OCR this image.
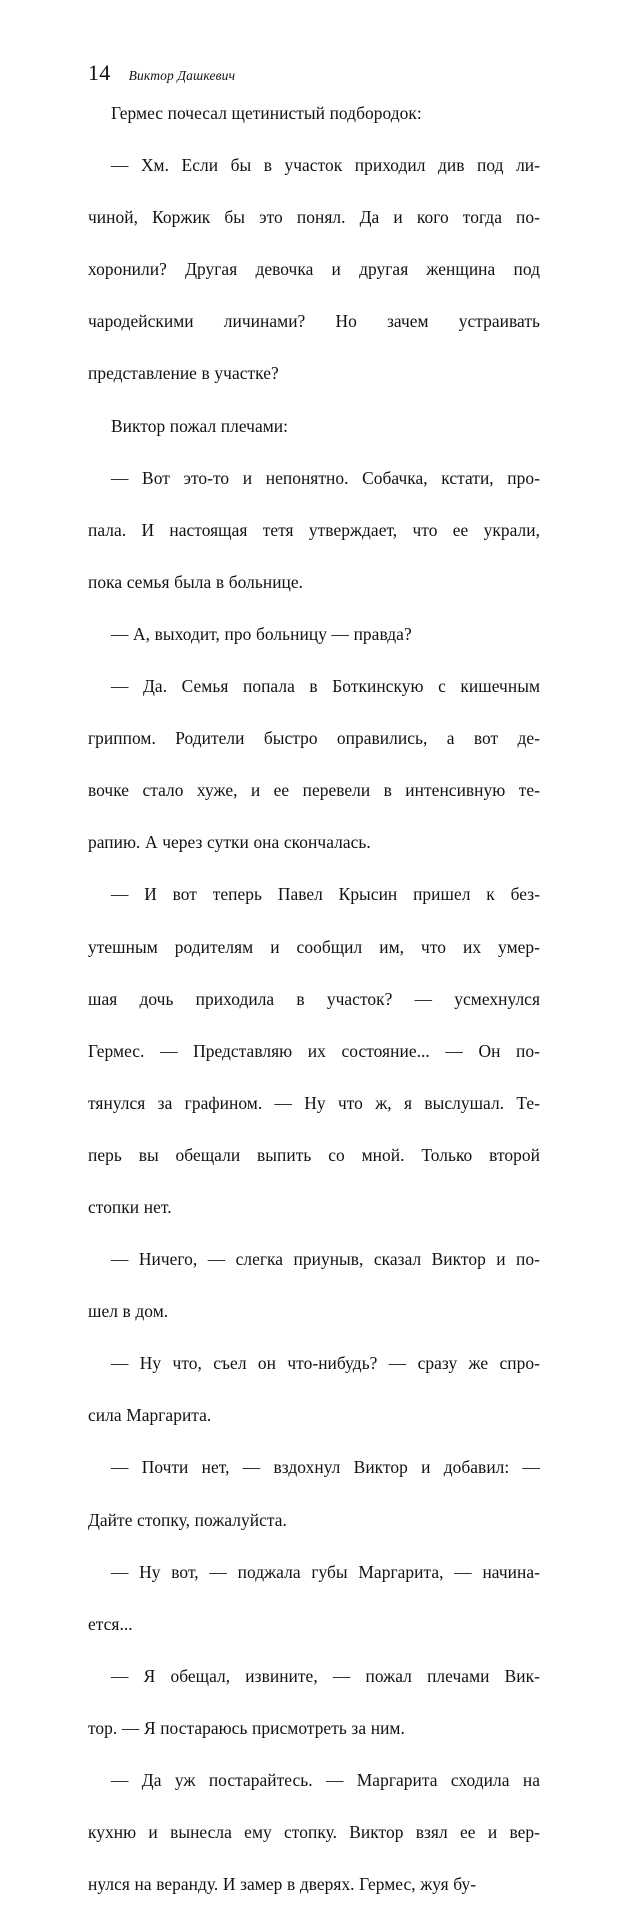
14 Виктор Дашкевич

Гермес почесал щетинистый подбородок:

— Хм. Если бы в участок приходил див под ли-
чиной, Коржик бы это понял. Да и кого тогда по-
хоронили? Другая девочка и другая женщина под
чародейскими личинами? Но зачем устраивать
представление в участке?

Виктор пожал плечами:

— Вот это-то и непонятно. Собачка, кстати, про-
пала. И настоящая тетя утверждает, что ее украли,
пока семья была в больнице.

— А, выходит, про больницу — правда?

— Да. Семья попала в Боткинскую с кишечным
гриппом. Родители быстро оправились, а вот де-
вочке стало хуже, и ее перевели в интенсивную те-
рапию. А через сутки она скончалась.

— И вот теперь Павел Крысин пришел к без-
утешным родителям и сообщил им, что их умер-
шая дочь приходила в участок? — усмехнулся
Гермес. — Представляю их состояние... — Он по-
тянулся за графином. — Ну что ж, я выслушал. Те-
перь вы обещали выпить со мной. Только второй
стопки нет.

— Ничего, — слегка приуныв, сказал Виктор и по-
шел в дом.

— Ну что, съел он что-нибудь? — сразу же спро-
сила Маргарита.

— Почти нет, — вздохнул Виктор и добавил: —
Дайте стопку, пожалуйста.

— Ну вот, — поджала губы Маргарита, — начина-
ется...

— Я обещал, извините, — пожал плечами Вик-
тор. — Я постараюсь присмотреть за ним.

— Да уж постарайтесь. — Маргарита сходила на
кухню и вынесла ему стопку. Виктор взял ее и вер-
нулся на веранду. И замер в дверях. Гермес, жуя бу-
